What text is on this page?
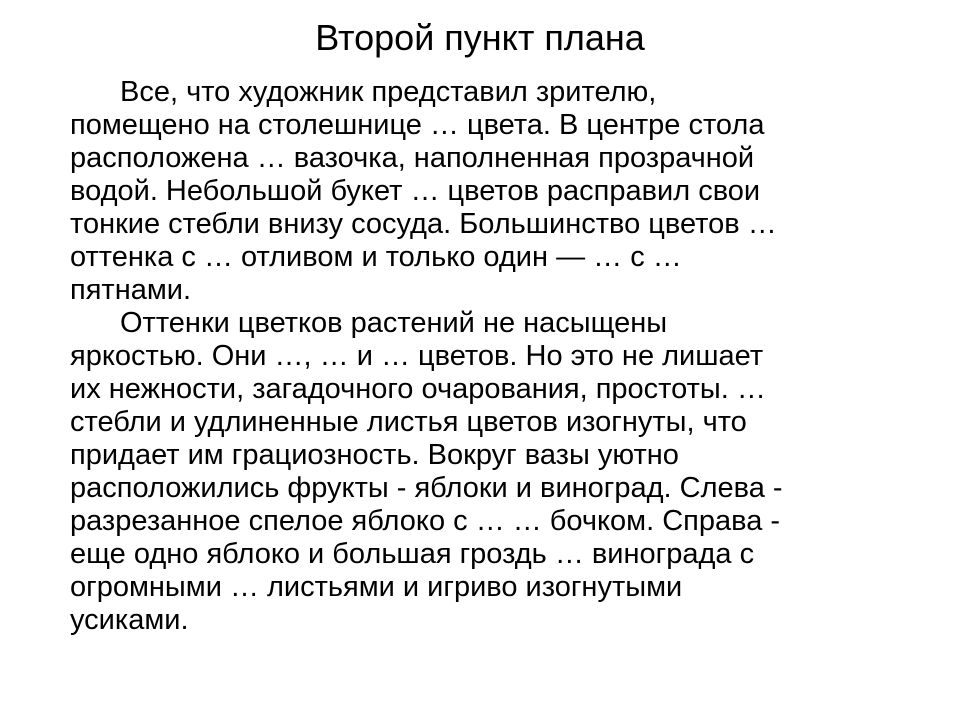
Второй пункт плана
Все, что художник представил зрителю,
помещено на столешнице … цвета. В центре стола
расположена … вазочка, наполненная прозрачной
водой. Небольшой букет … цветов расправил свои
тонкие стебли внизу сосуда. Большинство цветов …
оттенка с … отливом и только один — … с …
пятнами.
Оттенки цветков растений не насыщены
яркостью. Они …, … и … цветов. Но это не лишает
их нежности, загадочного очарования, простоты. …
стебли и удлиненные листья цветов изогнуты, что
придает им грациозность. Вокруг вазы уютно
расположились фрукты - яблоки и виноград. Слева -
разрезанное спелое яблоко с … … бочком. Справа -
еще одно яблоко и большая гроздь … винограда с
огромными … листьями и игриво изогнутыми
усиками.
